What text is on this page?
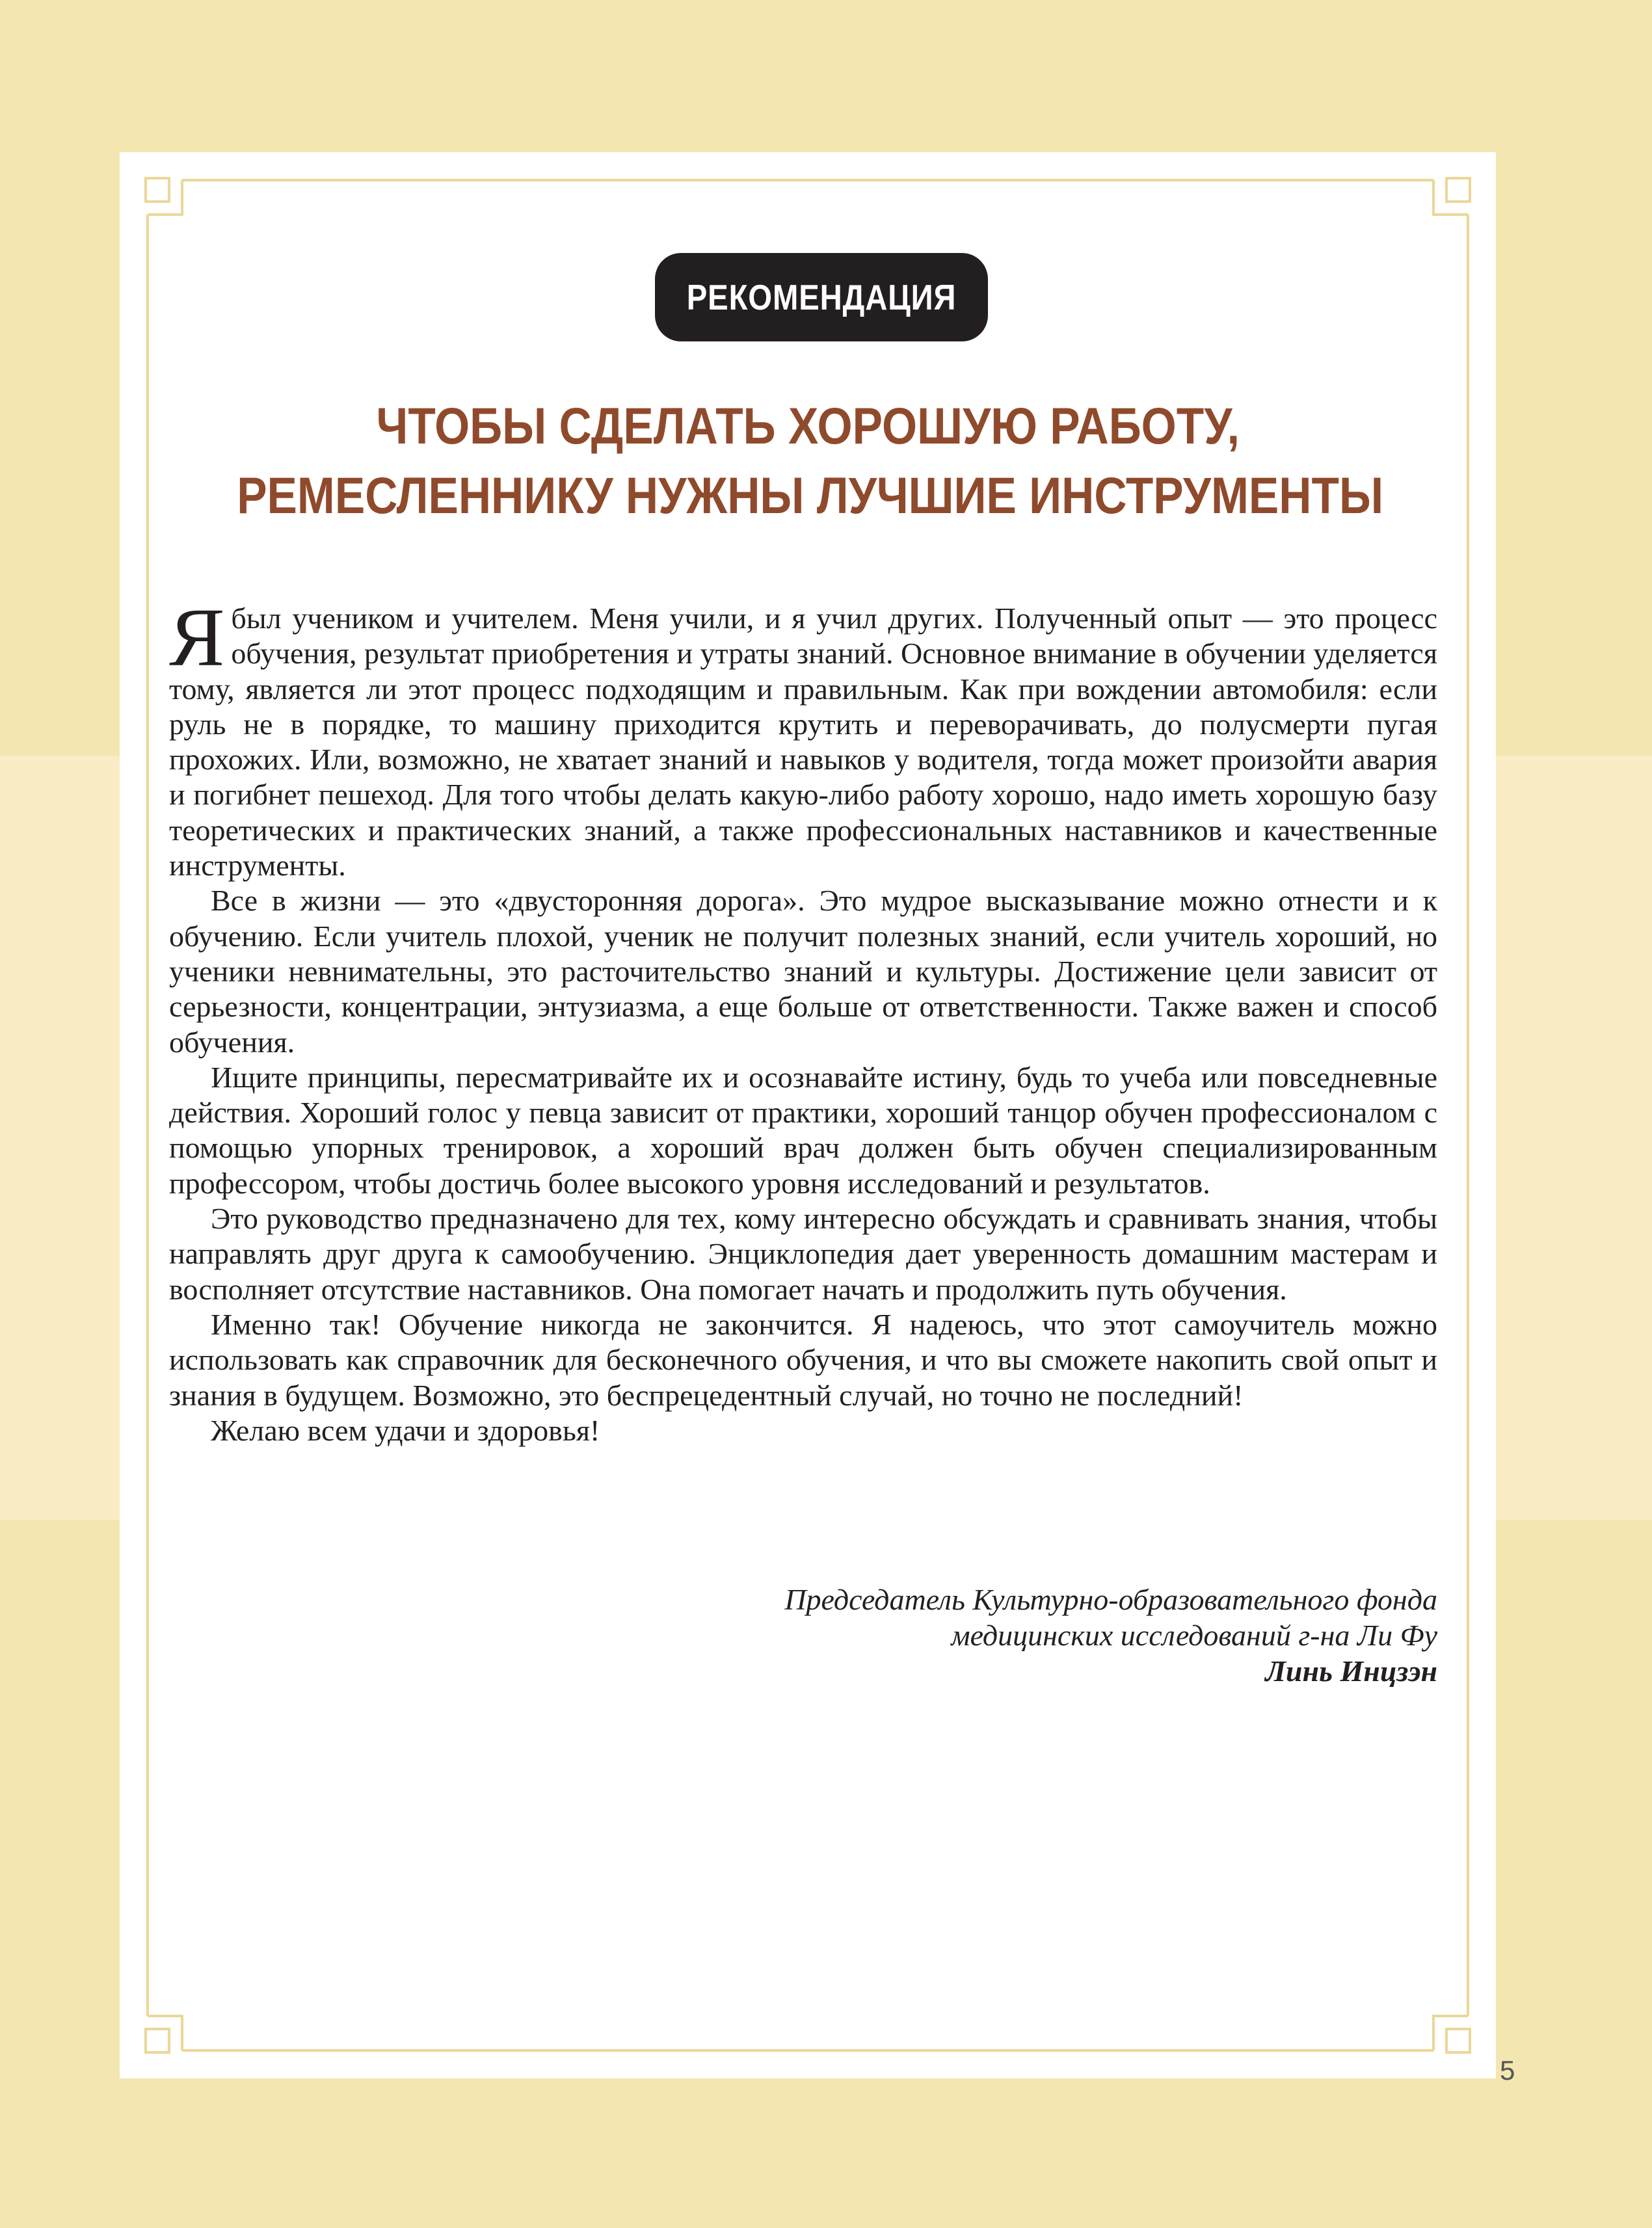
РЕКОМЕНДАЦИЯ
ЧТОБЫ СДЕЛАТЬ ХОРОШУЮ РАБОТУ,
РЕМЕСЛЕННИКУ НУЖНЫ ЛУЧШИЕ ИНСТРУМЕНТЫ

Ябыл учеником и учителем. Меня учили, и я учил других. Полученный опыт — это процесс обучения, результат приобретения и утраты знаний. Основное внимание в обучении уделяется тому, является ли этот процесс подходящим и правильным. Как при вождении автомобиля: если руль не в порядке, то машину приходится крутить и переворачивать, до полусмерти пугая прохожих. Или, возможно, не хватает знаний и навыков у водителя, тогда может произойти авария и погибнет пешеход. Для того чтобы делать какую-либо работу хорошо, надо иметь хорошую базу теоретических и практических знаний, а также профессиональных наставников и качественные инструменты.

Все в жизни — это «двусторонняя дорога». Это мудрое высказывание можно отнести и к обучению. Если учитель плохой, ученик не получит полезных знаний, если учитель хороший, но ученики невнимательны, это расточительство знаний и культуры. Достижение цели зависит от серьезности, концентрации, энтузиазма, а еще больше от ответственности. Также важен и способ обучения.

Ищите принципы, пересматривайте их и осознавайте истину, будь то учеба или повседневные действия. Хороший голос у певца зависит от практики, хороший танцор обучен профессионалом с помощью упорных тренировок, а хороший врач должен быть обучен специализированным профессором, чтобы достичь более высокого уровня исследований и результатов.

Это руководство предназначено для тех, кому интересно обсуждать и сравнивать знания, чтобы направлять друг друга к самообучению. Энциклопедия дает уверенность домашним мастерам и восполняет отсутствие наставников. Она помогает начать и продолжить путь обучения.

Именно так! Обучение никогда не закончится. Я надеюсь, что этот самоучитель можно использовать как справочник для бесконечного обучения, и что вы сможете накопить свой опыт и знания в будущем. Возможно, это беспрецедентный случай, но точно не последний!

Желаю всем удачи и здоровья!

Председатель Культурно-образовательного фонда
медицинских исследований г-на Ли Фу
Линь Инцзэн
5
